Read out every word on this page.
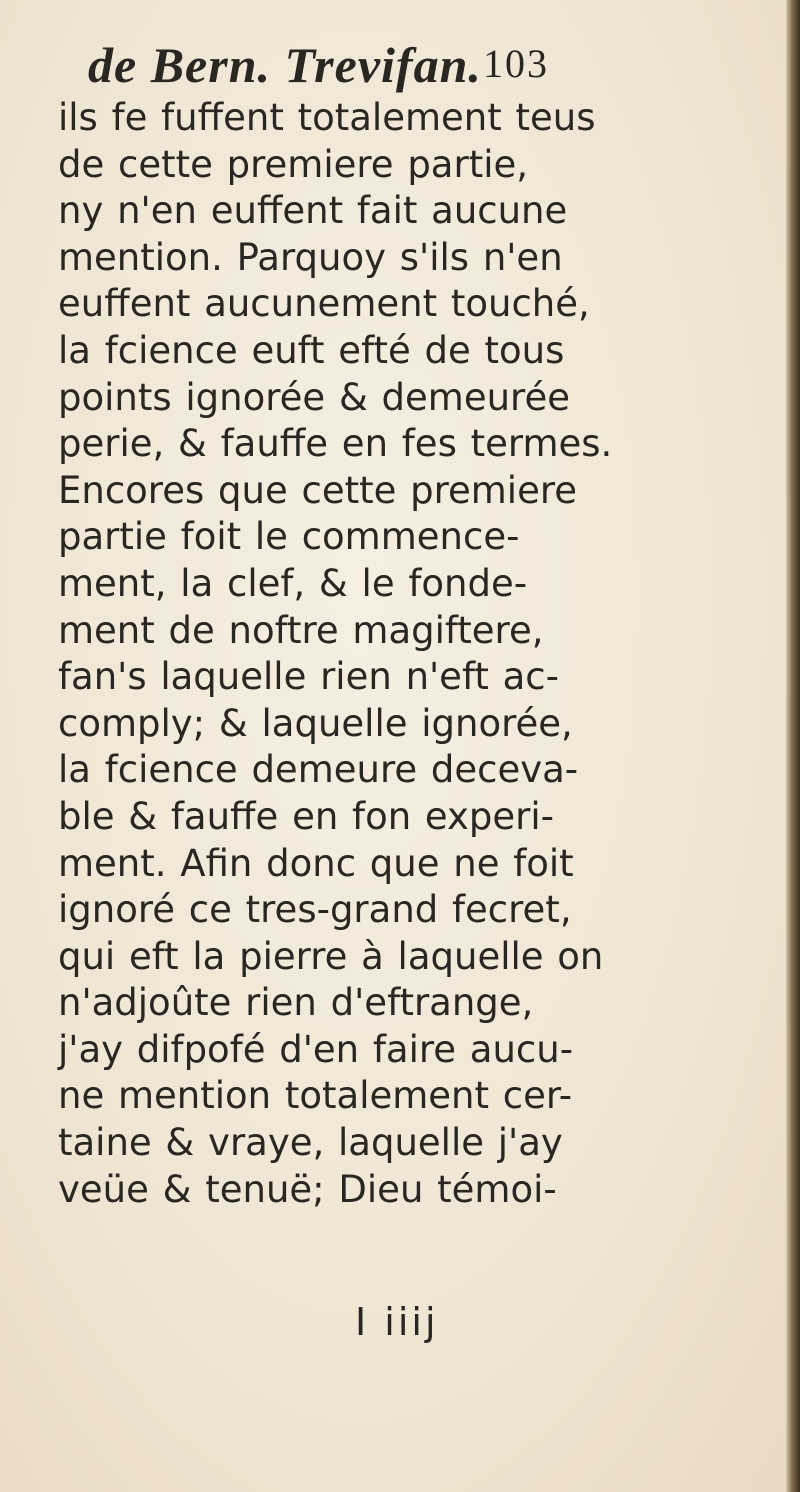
de Bern. Trevifan. 103
ils fe fuffent totalement teus
de cette premiere partie,
ny n'en euffent fait aucune
mention. Parquoy s'ils n'en
euffent aucunement touché,
la fcience euft efté de tous
points ignorée & demeurée
perie, & fauffe en fes termes.
Encores que cette premiere
partie foit le commence-
ment, la clef, & le fonde-
ment de noftre magiftere,
fan's laquelle rien n'eft ac-
comply; & laquelle ignorée,
la fcience demeure deceva-
ble & fauffe en fon experi-
ment. Afin donc que ne foit
ignoré ce tres-grand fecret,
qui eft la pierre à laquelle on
n'adjoûte rien d'eftrange,
j'ay difpofé d'en faire aucu-
ne mention totalement cer-
taine & vraye, laquelle j'ay
veüe & tenuë; Dieu témoi-
I iiij
